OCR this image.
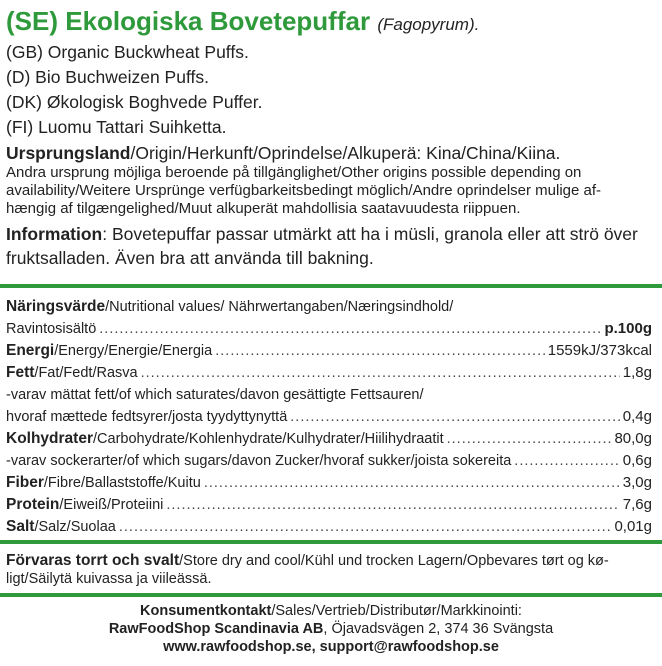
(SE) Ekologiska Bovetepuffar (Fagopyrum).
(GB) Organic Buckwheat Puffs.
(D) Bio Buchweizen Puffs.
(DK) Økologisk Boghvede Puffer.
(FI) Luomu Tattari Suihketta.
Ursprungsland/Origin/Herkunft/Oprindelse/Alkuperä: Kina/China/Kiina.
Andra ursprung möjliga beroende på tillgänglighet/Other origins possible depending on
availability/Weitere Ursprünge verfügbarkeitsbedingt möglich/Andre oprindelser mulige af-
hængig af tilgængelighed/Muut alkuperät mahdollisia saatavuudesta riippuen.
Information: Bovetepuffar passar utmärkt att ha i müsli, granola eller att strö över fruktsalladen. Även bra att använda till bakning.
Näringsvärde/Nutritional values/ Nährwertangaben/Næringsindhold/
Ravintosisältö .....	p.100g
Energi/Energy/Energie/Energia .....	1559kJ/373kcal
Fett/Fat/Fedt/Rasva .....	1,8g
-varav mättat fett/of which saturates/davon gesättigte Fettsauren/
hvoraf mættede fedtsyrer/josta tyydyttynyttä .....	0,4g
Kolhydrater/Carbohydrate/Kohlenhydrate/Kulhydrater/Hiilihydraatit .....	80,0g
-varav sockerarter/of which sugars/davon Zucker/hvoraf sukker/joista sokereita .....	0,6g
Fiber/Fibre/Ballaststoffe/Kuitu .....	3,0g
Protein/Eiweiß/Proteiini .....	7,6g
Salt/Salz/Suolaa .....	0,01g
Förvaras torrt och svalt/Store dry and cool/Kühl und trocken Lagern/Opbevares tørt og kø-
ligt/Säilytä kuivassa ja viileässä.
Konsumentkontakt/Sales/Vertrieb/Distributør/Markkinointi:
RawFoodShop Scandinavia AB, Öjavadsvägen 2, 374 36 Svängsta
www.rawfoodshop.se, support@rawfoodshop.se
